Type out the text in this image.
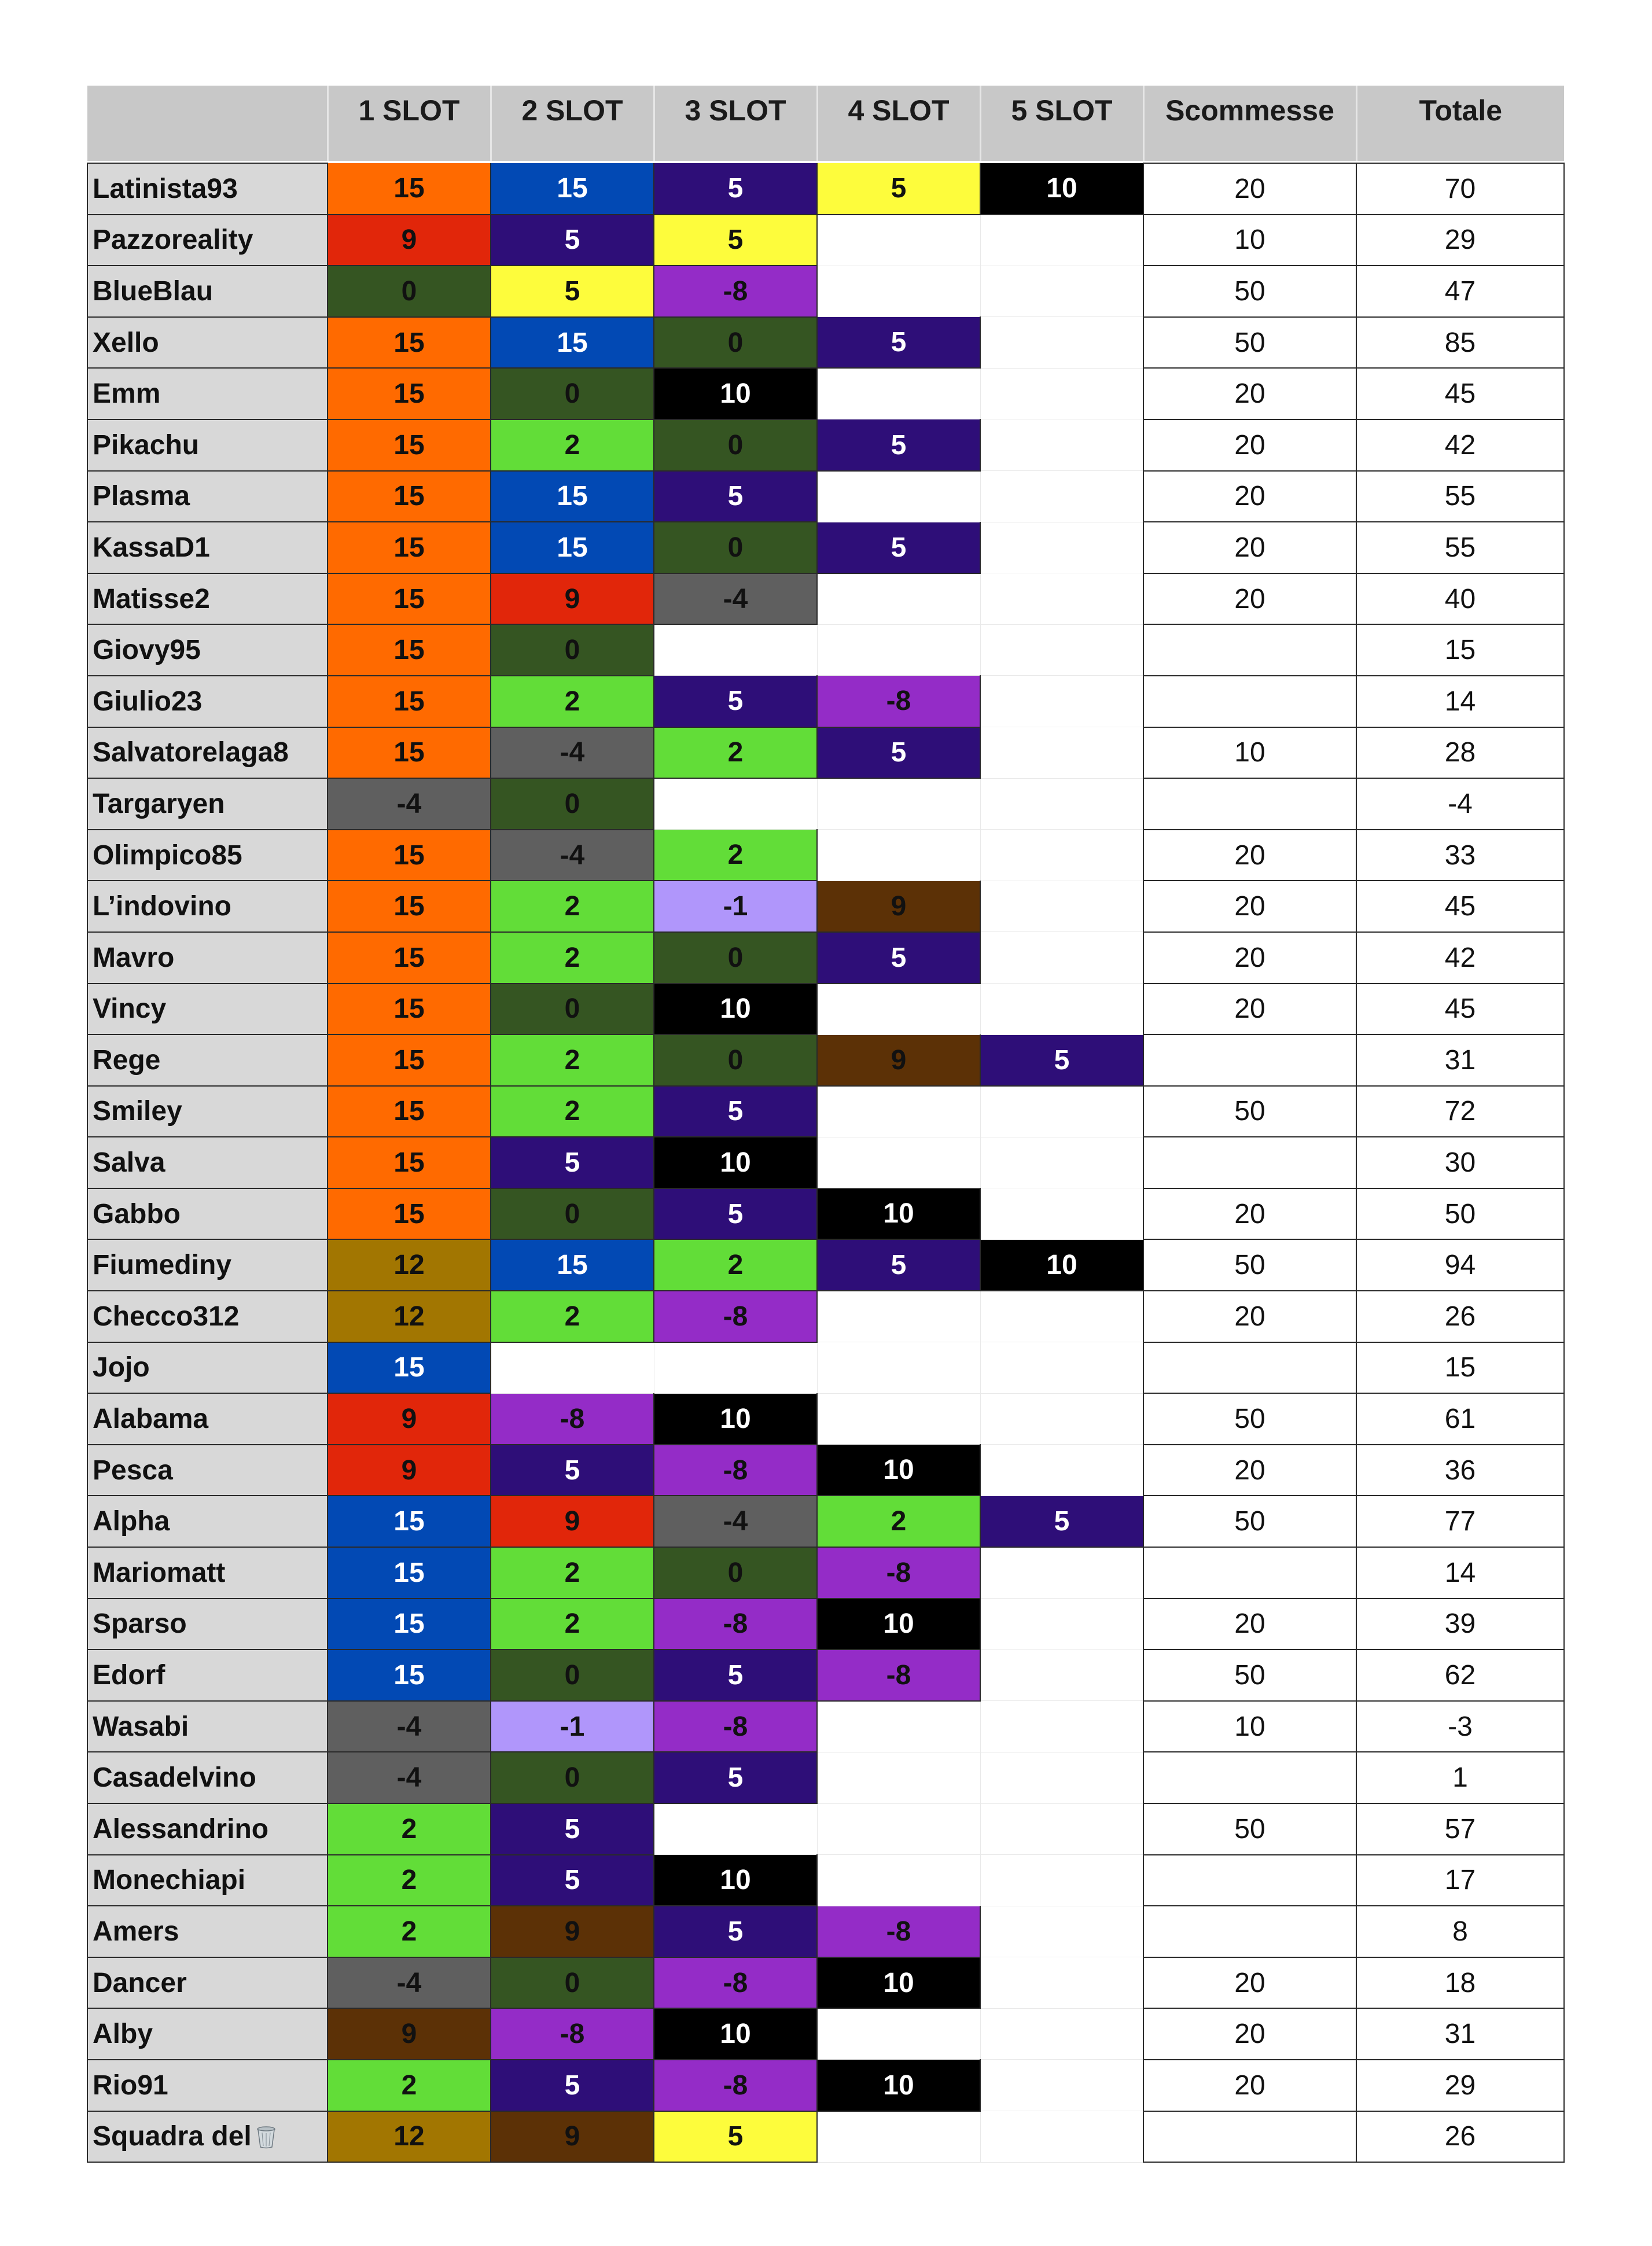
	1 SLOT	2 SLOT	3 SLOT	4 SLOT	5 SLOT	Scommesse	Totale

Latinista93	15	15	5	5	10	20	70
Pazzoreality	9	5	5			10	29
BlueBlau	0	5	-8			50	47
Xello	15	15	0	5		50	85
Emm	15	0	10			20	45
Pikachu	15	2	0	5		20	42
Plasma	15	15	5			20	55
KassaD1	15	15	0	5		20	55
Matisse2	15	9	-4			20	40
Giovy95	15	0					15
Giulio23	15	2	5	-8			14
Salvatorelaga8	15	-4	2	5		10	28
Targaryen	-4	0					-4
Olimpico85	15	-4	2			20	33
L’indovino	15	2	-1	9		20	45
Mavro	15	2	0	5		20	42
Vincy	15	0	10			20	45
Rege	15	2	0	9	5		31
Smiley	15	2	5			50	72
Salva	15	5	10				30
Gabbo	15	0	5	10		20	50
Fiumediny	12	15	2	5	10	50	94
Checco312	12	2	-8			20	26
Jojo	15						15
Alabama	9	-8	10			50	61
Pesca	9	5	-8	10		20	36
Alpha	15	9	-4	2	5	50	77
Mariomatt	15	2	0	-8			14
Sparso	15	2	-8	10		20	39
Edorf	15	0	5	-8		50	62
Wasabi	-4	-1	-8			10	-3
Casadelvino	-4	0	5				1
Alessandrino	2	5				50	57
Monechiapi	2	5	10				17
Amers	2	9	5	-8			8
Dancer	-4	0	-8	10		20	18
Alby	9	-8	10			20	31
Rio91	2	5	-8	10		20	29
Squadra del	12	9	5				26
